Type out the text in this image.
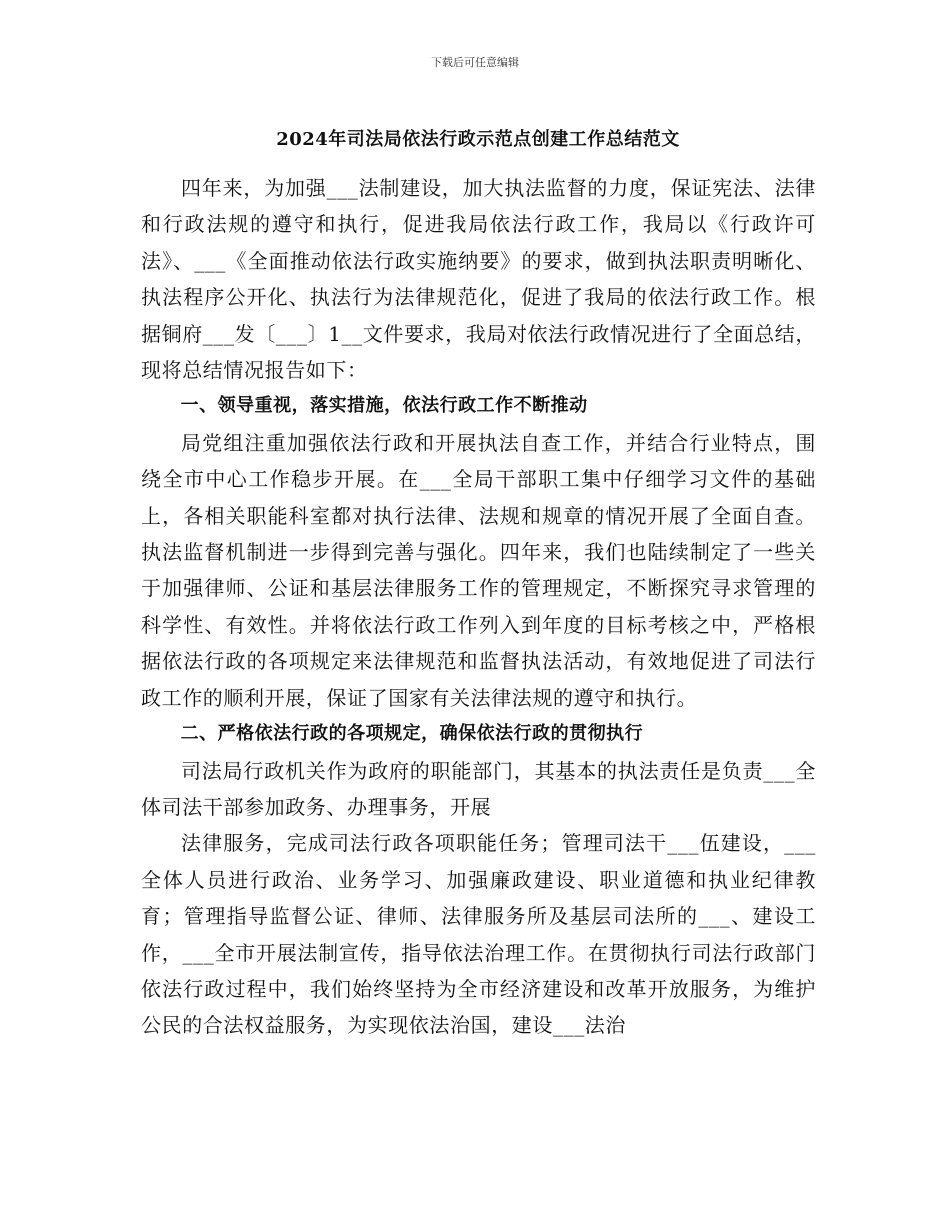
下载后可任意编辑
2024年司法局依法行政示范点创建工作总结范文

四年来，为加强___法制建设，加大执法监督的力度，保证宪法、法律和行政法规的遵守和执行，促进我局依法行政工作，我局以《行政许可法》、___《全面推动依法行政实施纳要》的要求，做到执法职责明晰化、执法程序公开化、执法行为法律规范化，促进了我局的依法行政工作。根据铜府___发〔___〕1__文件要求，我局对依法行政情况进行了全面总结，现将总结情况报告如下：

一、领导重视，落实措施，依法行政工作不断推动

局党组注重加强依法行政和开展执法自查工作，并结合行业特点，围绕全市中心工作稳步开展。在___全局干部职工集中仔细学习文件的基础上，各相关职能科室都对执行法律、法规和规章的情况开展了全面自查。执法监督机制进一步得到完善与强化。四年来，我们也陆续制定了一些关于加强律师、公证和基层法律服务工作的管理规定，不断探究寻求管理的科学性、有效性。并将依法行政工作列入到年度的目标考核之中，严格根据依法行政的各项规定来法律规范和监督执法活动，有效地促进了司法行政工作的顺利开展，保证了国家有关法律法规的遵守和执行。

二、严格依法行政的各项规定，确保依法行政的贯彻执行

司法局行政机关作为政府的职能部门，其基本的执法责任是负责___全体司法干部参加政务、办理事务，开展

法律服务，完成司法行政各项职能任务；管理司法干___伍建设，___全体人员进行政治、业务学习、加强廉政建设、职业道德和执业纪律教育；管理指导监督公证、律师、法律服务所及基层司法所的___、建设工作，___全市开展法制宣传，指导依法治理工作。在贯彻执行司法行政部门依法行政过程中，我们始终坚持为全市经济建设和改革开放服务，为维护公民的合法权益服务，为实现依法治国，建设___法治
